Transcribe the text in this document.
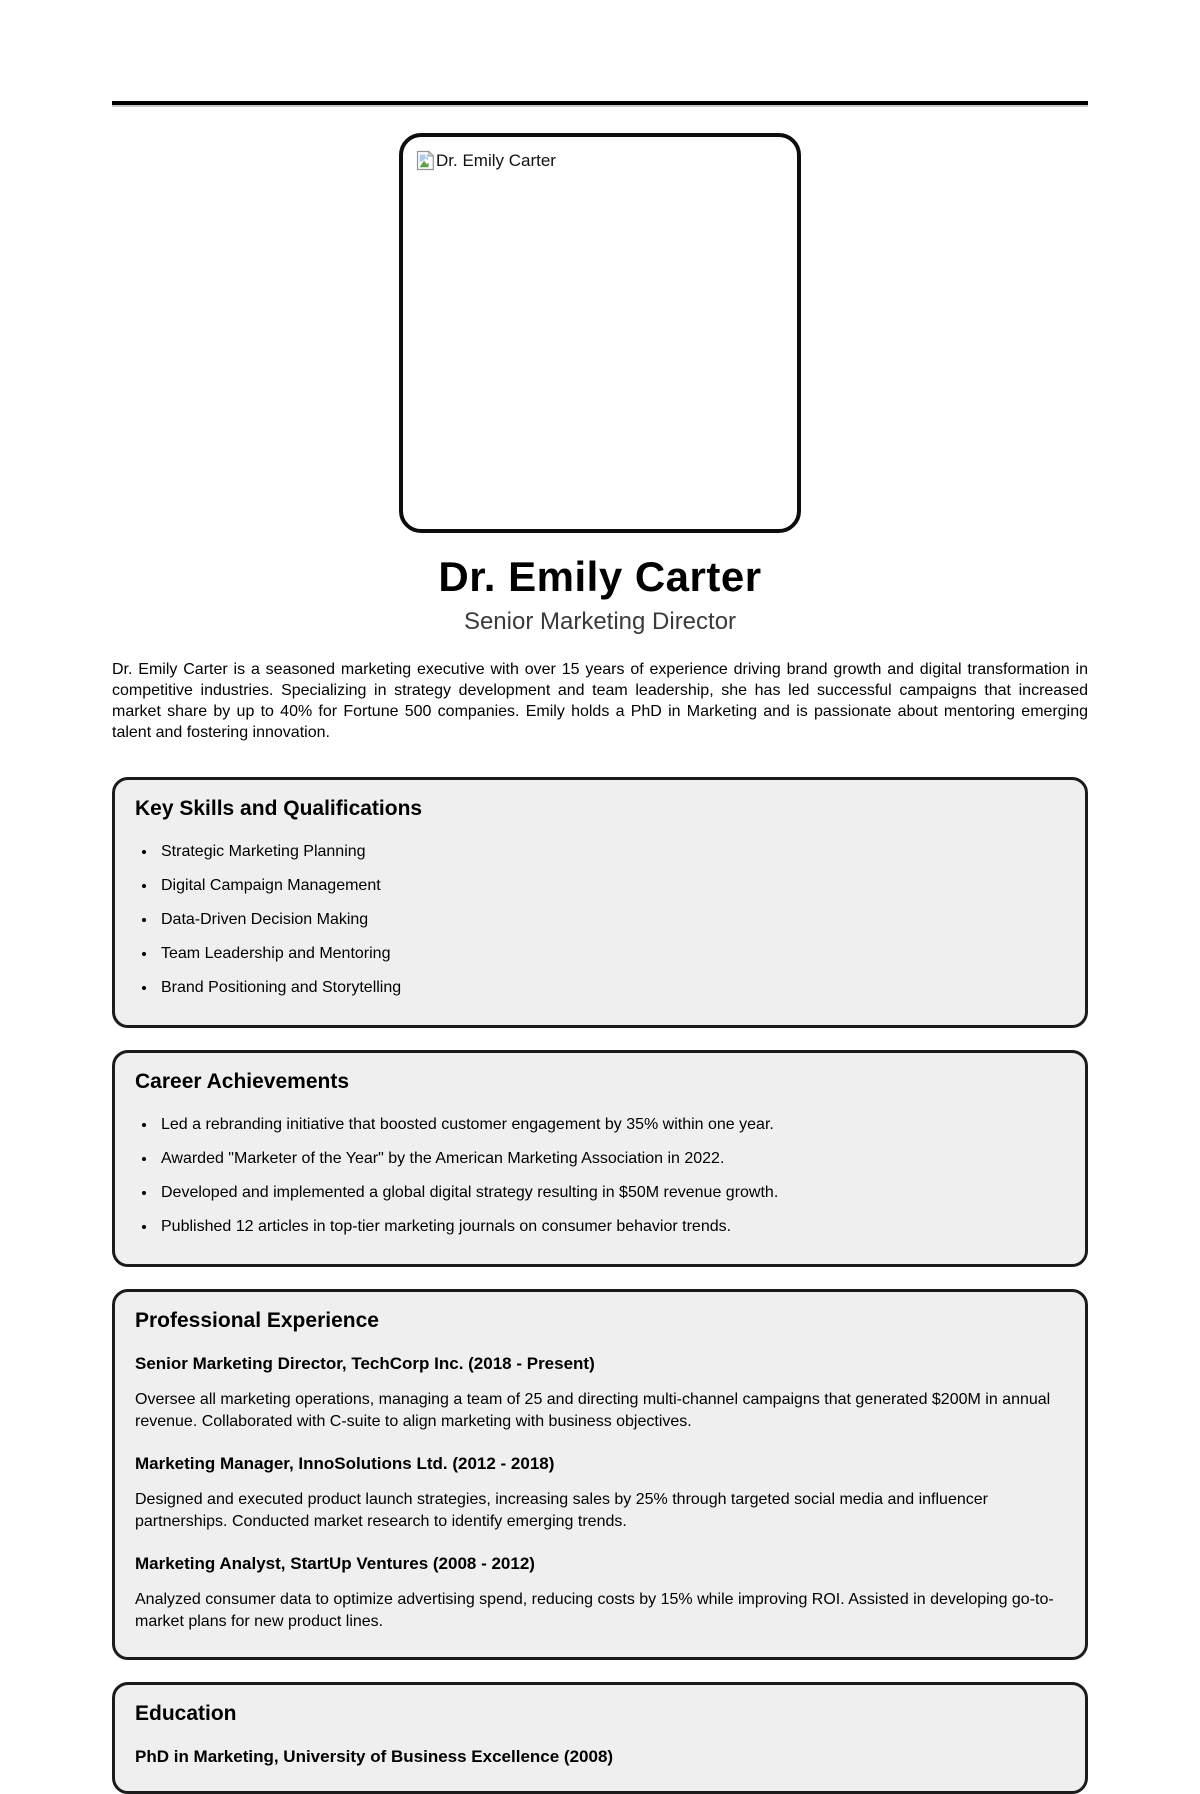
Dr. Emily Carter
Dr. Emily Carter
Senior Marketing Director

Dr. Emily Carter is a seasoned marketing executive with over 15 years of experience driving brand growth and digital transformation in competitive industries. Specializing in strategy development and team leadership, she has led successful campaigns that increased market share by up to 40% for Fortune 500 companies. Emily holds a PhD in Marketing and is passionate about mentoring emerging talent and fostering innovation.

Key Skills and Qualifications
• Strategic Marketing Planning
• Digital Campaign Management
• Data-Driven Decision Making
• Team Leadership and Mentoring
• Brand Positioning and Storytelling
Career Achievements
• Led a rebranding initiative that boosted customer engagement by 35% within one year.
• Awarded "Marketer of the Year" by the American Marketing Association in 2022.
• Developed and implemented a global digital strategy resulting in $50M revenue growth.
• Published 12 articles in top-tier marketing journals on consumer behavior trends.
Professional Experience
Senior Marketing Director, TechCorp Inc. (2018 - Present)

Oversee all marketing operations, managing a team of 25 and directing multi-channel campaigns that generated $200M in annual revenue. Collaborated with C-suite to align marketing with business objectives.

Marketing Manager, InnoSolutions Ltd. (2012 - 2018)

Designed and executed product launch strategies, increasing sales by 25% through targeted social media and influencer partnerships. Conducted market research to identify emerging trends.

Marketing Analyst, StartUp Ventures (2008 - 2012)

Analyzed consumer data to optimize advertising spend, reducing costs by 15% while improving ROI. Assisted in developing go-to-market plans for new product lines.

Education
PhD in Marketing, University of Business Excellence (2008)
